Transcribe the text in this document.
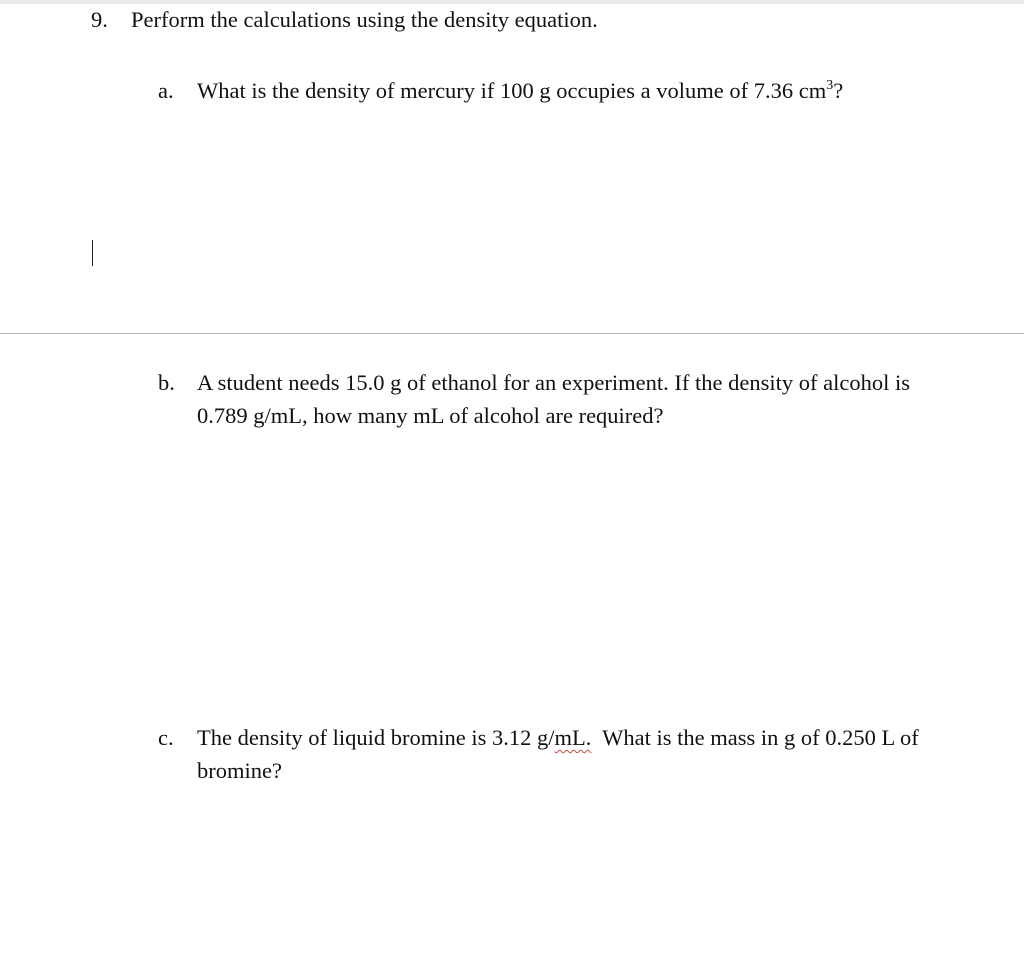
9. Perform the calculations using the density equation.
a. What is the density of mercury if 100 g occupies a volume of 7.36 $cm^3$?
b. A student needs 15.0 g of ethanol for an experiment. If the density of alcohol is
0.789 g/mL, how many mL of alcohol are required?
c. The density of liquid bromine is 3.12 g/mL.  What is the mass in g of 0.250 L of
bromine?
